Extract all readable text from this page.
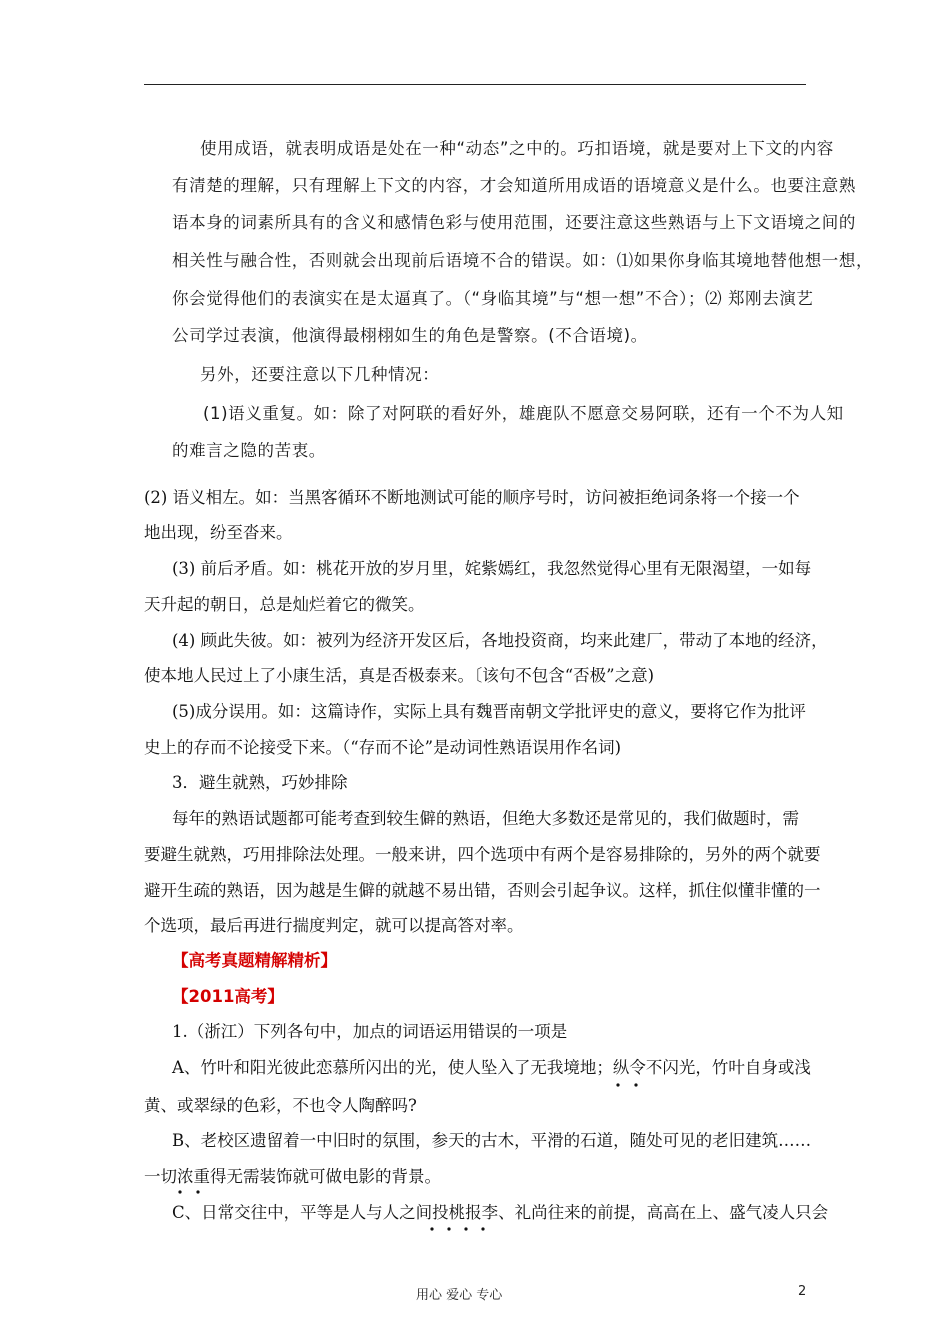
使用成语，就表明成语是处在一种“动态”之中的。巧扣语境，就是要对上下文的内容
有清楚的理解，只有理解上下文的内容，才会知道所用成语的语境意义是什么。也要注意熟
语本身的词素所具有的含义和感情色彩与使用范围，还要注意这些熟语与上下文语境之间的
相关性与融合性，否则就会出现前后语境不合的错误。如：⑴如果你身临其境地替他想一想，
你会觉得他们的表演实在是太逼真了。（“身临其境”与“想一想”不合）；⑵ 郑刚去演艺
公司学过表演，他演得最栩栩如生的角色是警察。(不合语境)。
另外，还要注意以下几种情况：
(1)语义重复。如：除了对阿联的看好外，雄鹿队不愿意交易阿联，还有一个不为人知
的难言之隐的苦衷。
(2) 语义相左。如：当黑客循环不断地测试可能的顺序号时，访问被拒绝词条将一个接一个
地出现，纷至沓来。
(3) 前后矛盾。如：桃花开放的岁月里，姹紫嫣红，我忽然觉得心里有无限渴望，一如每
天升起的朝日，总是灿烂着它的微笑。
(4) 顾此失彼。如：被列为经济开发区后，各地投资商，均来此建厂，带动了本地的经济，
使本地人民过上了小康生活，真是否极泰来。〔该句不包含“否极”之意)
(5)成分误用。如：这篇诗作，实际上具有魏晋南朝文学批评史的意义，要将它作为批评
史上的存而不论接受下来。（“存而不论”是动词性熟语误用作名词)
3．避生就熟，巧妙排除
每年的熟语试题都可能考查到较生僻的熟语，但绝大多数还是常见的，我们做题时，需
要避生就熟，巧用排除法处理。一般来讲，四个选项中有两个是容易排除的，另外的两个就要
避开生疏的熟语，因为越是生僻的就越不易出错，否则会引起争议。这样，抓住似懂非懂的一
个选项，最后再进行揣度判定，就可以提高答对率。
【高考真题精解精析】
【2011高考】
1.（浙江）下列各句中，加点的词语运用错误的一项是
A、竹叶和阳光彼此恋慕所闪出的光，使人坠入了无我境地；纵令不闪光，竹叶自身或浅
黄、或翠绿的色彩，不也令人陶醉吗?
B、老校区遗留着一中旧时的氛围，参天的古木，平滑的石道，随处可见的老旧建筑……
一切浓重得无需装饰就可做电影的背景。
C、日常交往中，平等是人与人之间投桃报李、礼尚往来的前提，高高在上、盛气凌人只会
用心 爱心 专心	2
